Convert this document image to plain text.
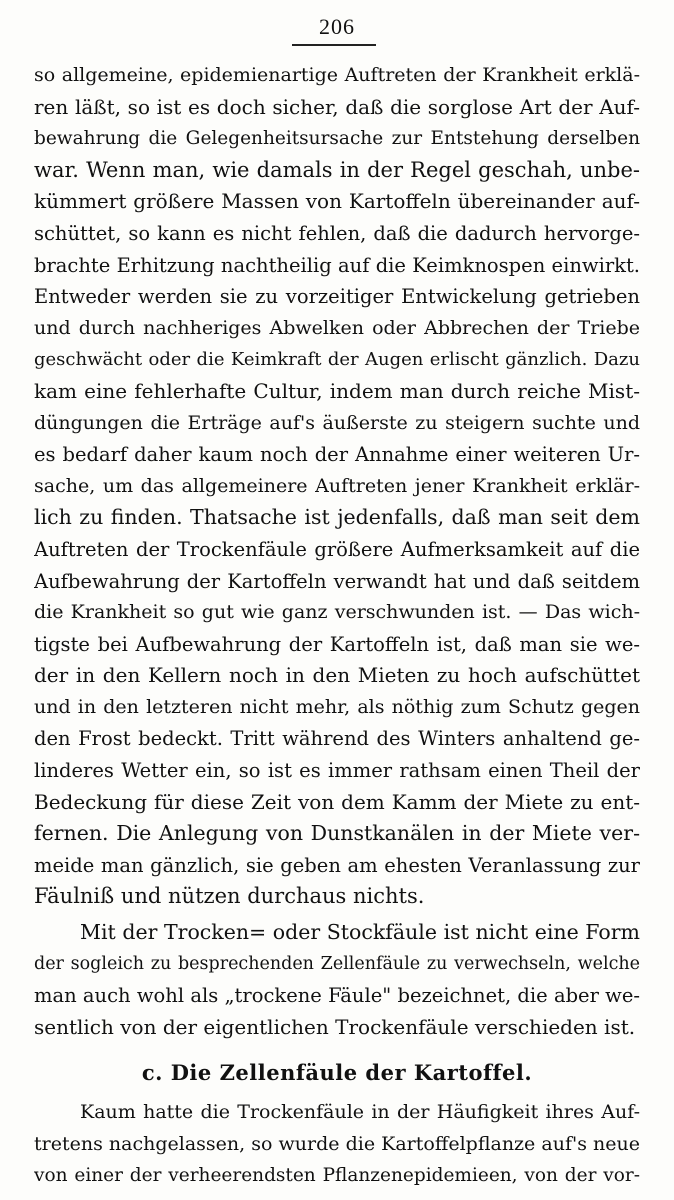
206
so allgemeine, epidemienartige Auftreten der Krankheit erklä-
ren läßt, so ist es doch sicher, daß die sorglose Art der Auf-
bewahrung die Gelegenheitsursache zur Entstehung derselben
war. Wenn man, wie damals in der Regel geschah, unbe-
kümmert größere Massen von Kartoffeln übereinander auf-
schüttet, so kann es nicht fehlen, daß die dadurch hervorge-
brachte Erhitzung nachtheilig auf die Keimknospen einwirkt.
Entweder werden sie zu vorzeitiger Entwickelung getrieben
und durch nachheriges Abwelken oder Abbrechen der Triebe
geschwächt oder die Keimkraft der Augen erlischt gänzlich. Dazu
kam eine fehlerhafte Cultur, indem man durch reiche Mist-
düngungen die Erträge auf's äußerste zu steigern suchte und
es bedarf daher kaum noch der Annahme einer weiteren Ur-
sache, um das allgemeinere Auftreten jener Krankheit erklär-
lich zu finden. Thatsache ist jedenfalls, daß man seit dem
Auftreten der Trockenfäule größere Aufmerksamkeit auf die
Aufbewahrung der Kartoffeln verwandt hat und daß seitdem
die Krankheit so gut wie ganz verschwunden ist. — Das wich-
tigste bei Aufbewahrung der Kartoffeln ist, daß man sie we-
der in den Kellern noch in den Mieten zu hoch aufschüttet
und in den letzteren nicht mehr, als nöthig zum Schutz gegen
den Frost bedeckt. Tritt während des Winters anhaltend ge-
linderes Wetter ein, so ist es immer rathsam einen Theil der
Bedeckung für diese Zeit von dem Kamm der Miete zu ent-
fernen. Die Anlegung von Dunstkanälen in der Miete ver-
meide man gänzlich, sie geben am ehesten Veranlassung zur
Fäulniß und nützen durchaus nichts.
Mit der Trocken= oder Stockfäule ist nicht eine Form
der sogleich zu besprechenden Zellenfäule zu verwechseln, welche
man auch wohl als „trockene Fäule" bezeichnet, die aber we-
sentlich von der eigentlichen Trockenfäule verschieden ist.
c. Die Zellenfäule der Kartoffel.
Kaum hatte die Trockenfäule in der Häufigkeit ihres Auf-
tretens nachgelassen, so wurde die Kartoffelpflanze auf's neue
von einer der verheerendsten Pflanzenepidemieen, von der vor-
